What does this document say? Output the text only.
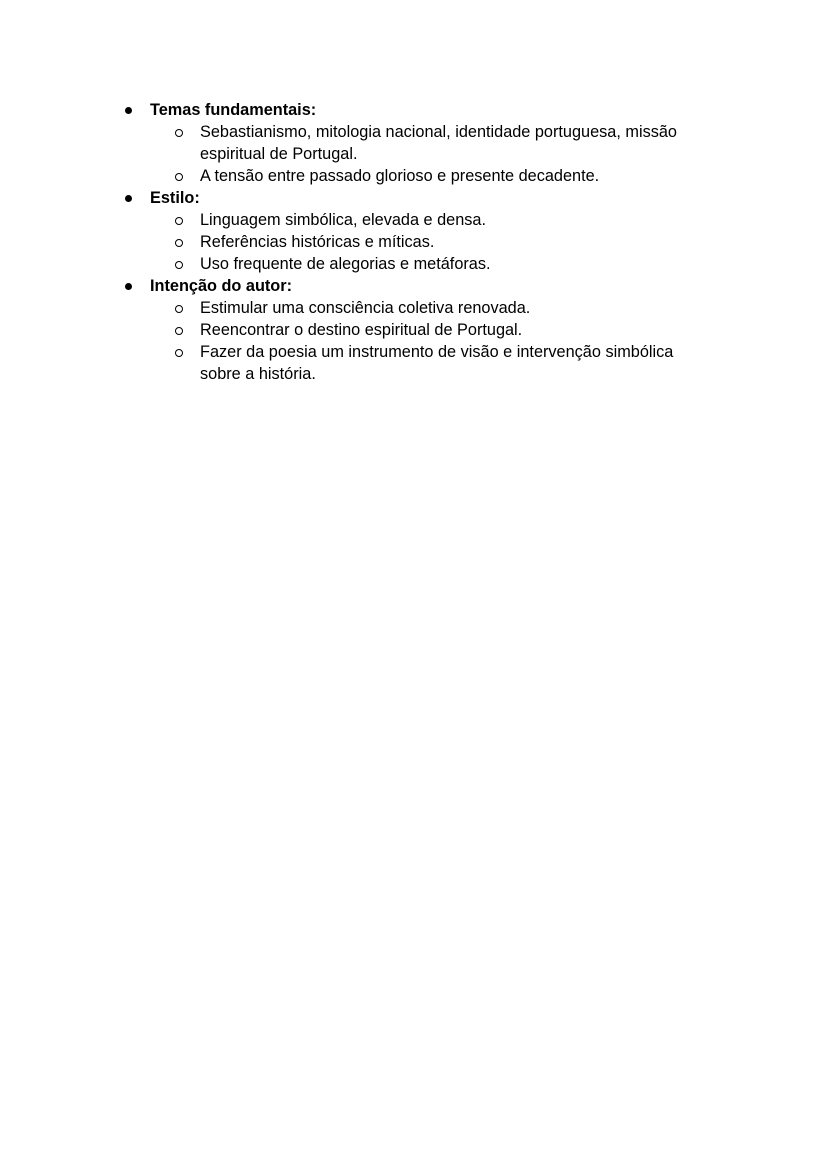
Temas fundamentais:
Sebastianismo, mitologia nacional, identidade portuguesa, missão espiritual de Portugal.
A tensão entre passado glorioso e presente decadente.
Estilo:
Linguagem simbólica, elevada e densa.
Referências históricas e míticas.
Uso frequente de alegorias e metáforas.
Intenção do autor:
Estimular uma consciência coletiva renovada.
Reencontrar o destino espiritual de Portugal.
Fazer da poesia um instrumento de visão e intervenção simbólica sobre a história.
